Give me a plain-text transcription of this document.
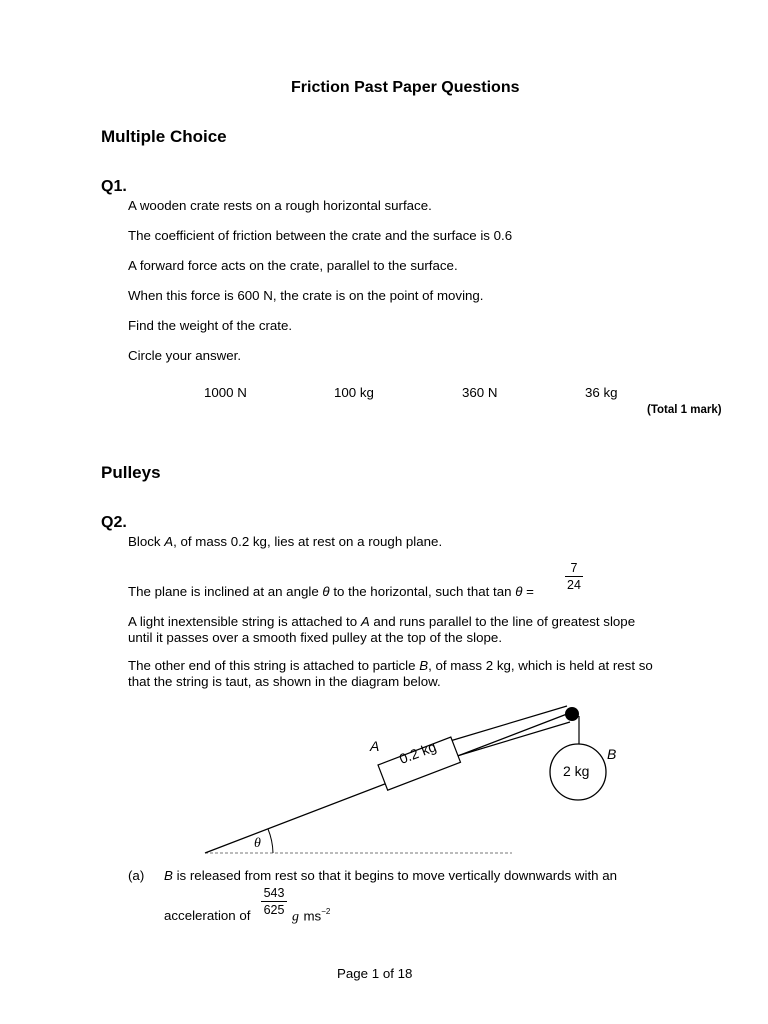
Friction Past Paper Questions
Multiple Choice
Q1.
A wooden crate rests on a rough horizontal surface.
The coefficient of friction between the crate and the surface is 0.6
A forward force acts on the crate, parallel to the surface.
When this force is 600 N, the crate is on the point of moving.
Find the weight of the crate.
Circle your answer.
1000 N	100 kg	360 N	36 kg
(Total 1 mark)
Pulleys
Q2.
Block A, of mass 0.2 kg, lies at rest on a rough plane.
The plane is inclined at an angle θ to the horizontal, such that tan θ =
7
24
A light inextensible string is attached to A and runs parallel to the line of greatest slope
until it passes over a smooth fixed pulley at the top of the slope.
The other end of this string is attached to particle B, of mass 2 kg, which is held at rest so
that the string is taut, as shown in the diagram below.
A 0.2 kg	B
2 kg
θ
(a) B is released from rest so that it begins to move vertically downwards with an
acceleration of
543
625 g $ms^{-2}$
Page 1 of 18
